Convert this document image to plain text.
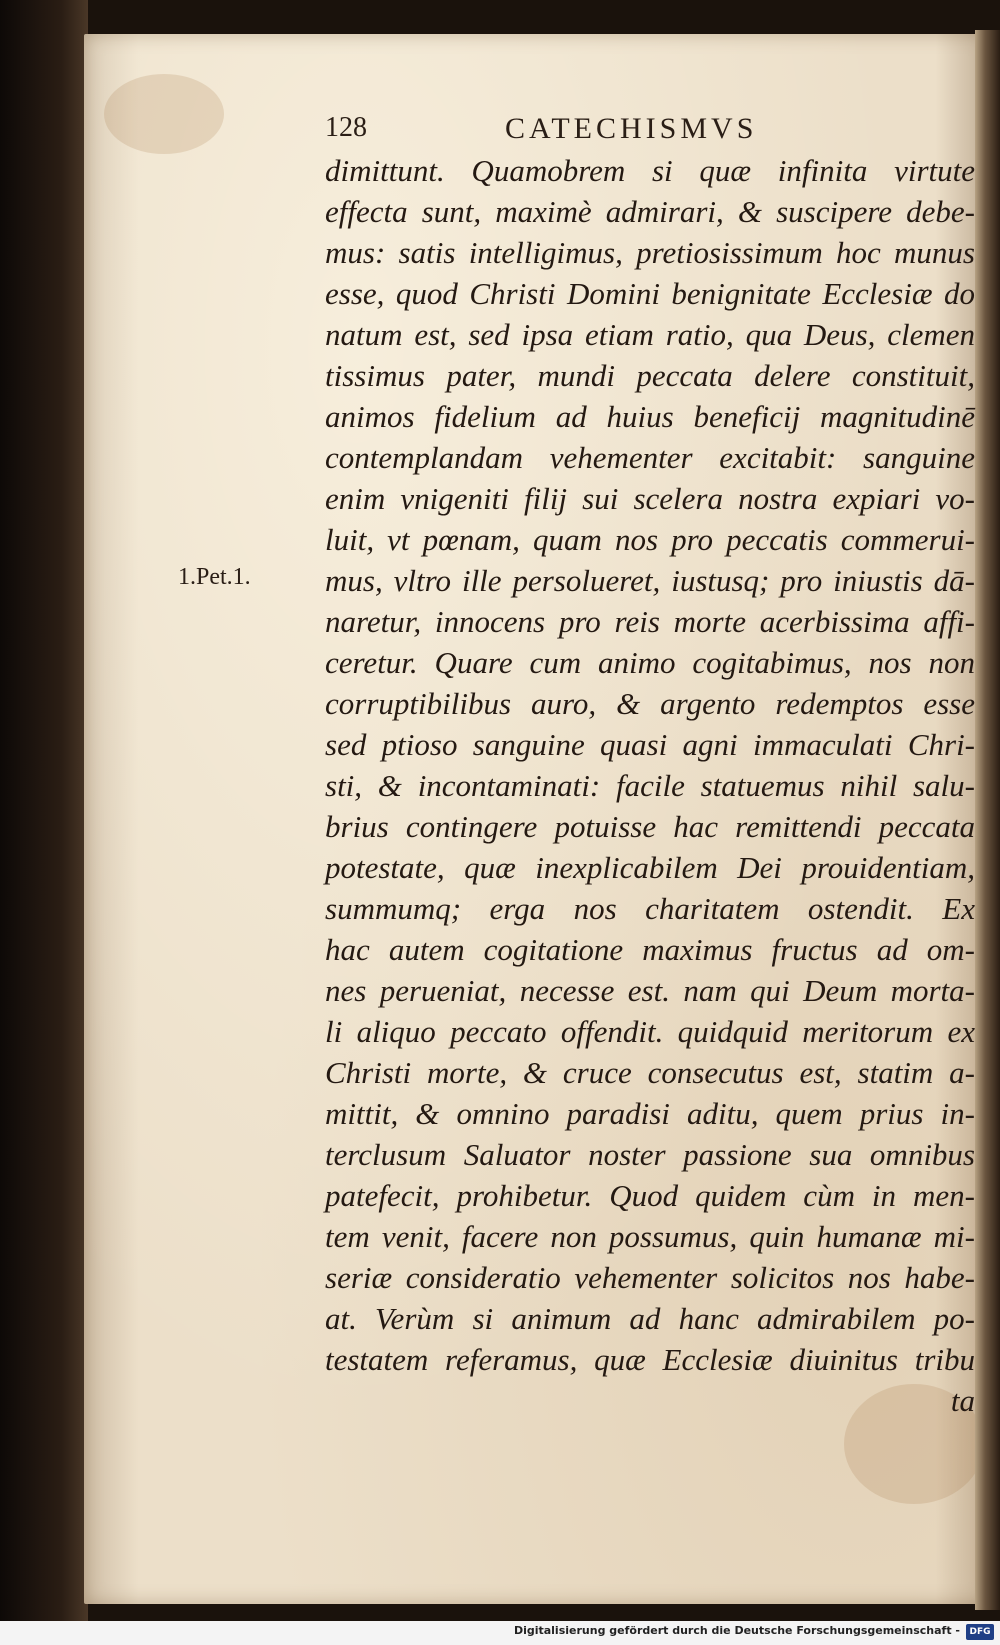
128	CATECHISMVS
1.Pet.1.
dimittunt. Quamobrem si quæ infinita virtute
effecta sunt, maximè admirari, & suscipere debe-
mus: satis intelligimus, pretiosissimum hoc munus
esse, quod Christi Domini benignitate Ecclesiæ do
natum est, sed ipsa etiam ratio, qua Deus, clemen
tissimus pater, mundi peccata delere constituit,
animos fidelium ad huius beneficij magnitudinē
contemplandam vehementer excitabit: sanguine
enim vnigeniti filij sui scelera nostra expiari vo-
luit, vt pœnam, quam nos pro peccatis commerui-
mus, vltro ille persolueret, iustusq; pro iniustis dā-
naretur, innocens pro reis morte acerbissima affi-
ceretur. Quare cum animo cogitabimus, nos non
corruptibilibus auro, & argento redemptos esse
sed ptioso sanguine quasi agni immaculati Chri-
sti, & incontaminati: facile statuemus nihil salu-
brius contingere potuisse hac remittendi peccata
potestate, quæ inexplicabilem Dei prouidentiam,
summumq; erga nos charitatem ostendit. Ex
hac autem cogitatione maximus fructus ad om-
nes perueniat, necesse est. nam qui Deum morta-
li aliquo peccato offendit. quidquid meritorum ex
Christi morte, & cruce consecutus est, statim a-
mittit, & omnino paradisi aditu, quem prius in-
terclusum Saluator noster passione sua omnibus
patefecit, prohibetur. Quod quidem cùm in men-
tem venit, facere non possumus, quin humanæ mi-
seriæ consideratio vehementer solicitos nos habe-
at. Verùm si animum ad hanc admirabilem po-
testatem referamus, quæ Ecclesiæ diuinitus tribu
ta
Digitalisierung gefördert durch die Deutsche Forschungsgemeinschaft -	DFG
